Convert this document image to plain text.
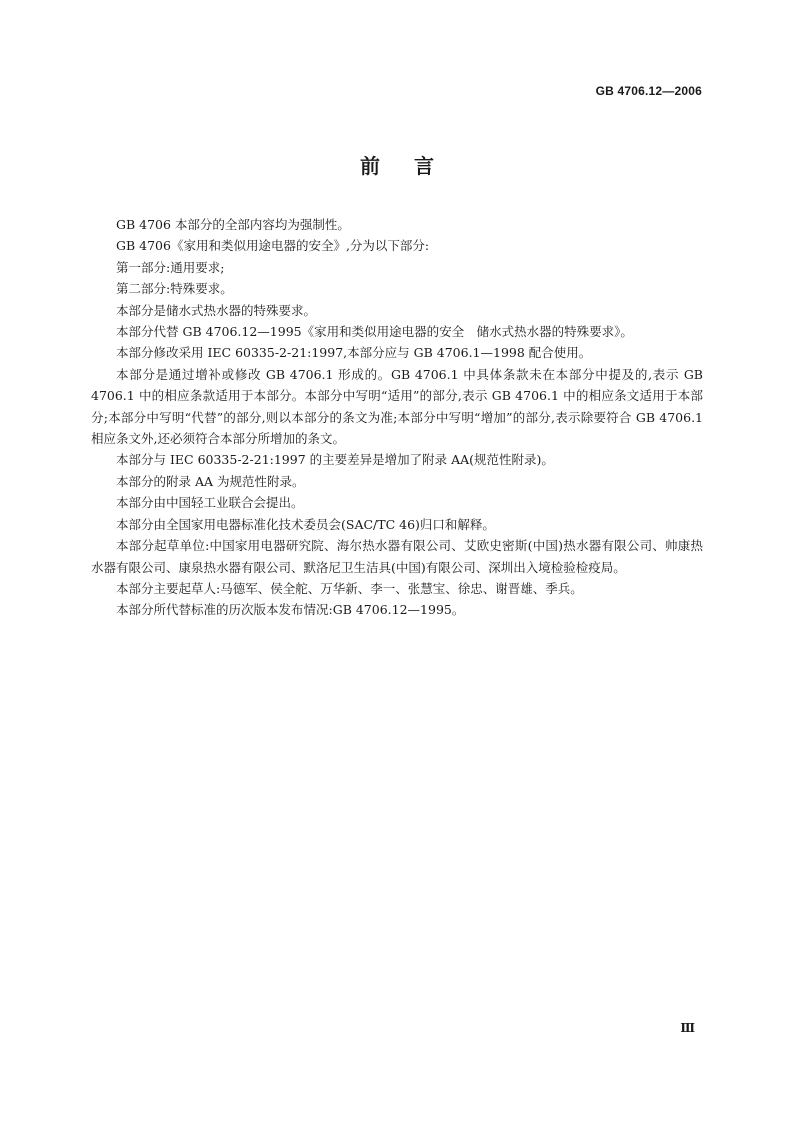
GB 4706.12—2006
前言

GB 4706 本部分的全部内容均为强制性。

GB 4706《家用和类似用途电器的安全》,分为以下部分:

第一部分:通用要求;

第二部分:特殊要求。

本部分是储水式热水器的特殊要求。

本部分代替 GB 4706.12—1995《家用和类似用途电器的安全　储水式热水器的特殊要求》。

本部分修改采用 IEC 60335-2-21:1997,本部分应与 GB 4706.1—1998 配合使用。

本部分是通过增补或修改 GB 4706.1 形成的。GB 4706.1 中具体条款未在本部分中提及的,表示 GB 4706.1 中的相应条款适用于本部分。本部分中写明“适用”的部分,表示 GB 4706.1 中的相应条文适用于本部分;本部分中写明“代替”的部分,则以本部分的条文为准;本部分中写明“增加”的部分,表示除要符合 GB 4706.1 相应条文外,还必须符合本部分所增加的条文。

本部分与 IEC 60335-2-21:1997 的主要差异是增加了附录 AA(规范性附录)。

本部分的附录 AA 为规范性附录。

本部分由中国轻工业联合会提出。

本部分由全国家用电器标准化技术委员会(SAC/TC 46)归口和解释。

本部分起草单位:中国家用电器研究院、海尔热水器有限公司、艾欧史密斯(中国)热水器有限公司、帅康热水器有限公司、康泉热水器有限公司、默洛尼卫生洁具(中国)有限公司、深圳出入境检验检疫局。

本部分主要起草人:马德军、侯全舵、万华新、李一、张慧宝、徐忠、谢晋雄、季兵。

本部分所代替标准的历次版本发布情况:GB 4706.12—1995。

Ⅲ
